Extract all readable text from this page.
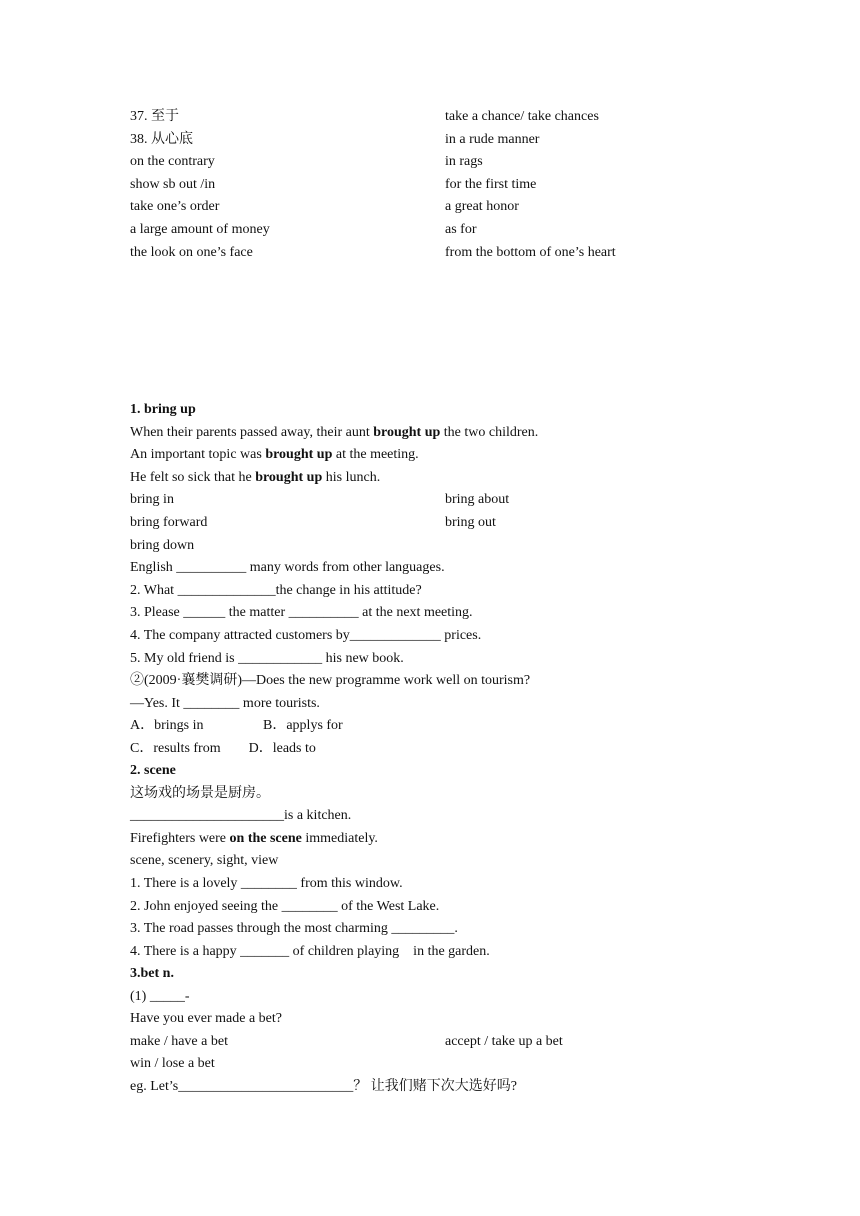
37. 至于	take a chance/ take chances
38. 从心底	in a rude manner
on the contrary	in rags
show sb out /in	for the first time
take one’s order	a great honor
a large amount of money	as for
the look on one’s face	from the bottom of one’s heart
1. bring up
When their parents passed away, their aunt brought up the two children.
An important topic was brought up at the meeting.
He felt so sick that he brought up his lunch.
bring in	bring about
bring forward	bring out
bring down
English __________ many words from other languages.
2. What ______________the change in his attitude?
3. Please ______ the matter __________ at the next meeting.
4. The company attracted customers by_____________ prices.
5. My old friend is ____________ his new book.
②(2009·襄樊调研)—Does the new programme work well on tourism?
—Yes. It ________ more tourists.
A．brings in                 B．applys for
C．results from        D．leads to
2. scene
这场戏的场景是厨房。
______________________is a kitchen.
Firefighters were on the scene immediately.
scene, scenery, sight, view
1. There is a lovely ________ from this window.
2. John enjoyed seeing the ________ of the West Lake.
3. The road passes through the most charming _________.
4. There is a happy _______ of children playing    in the garden.
3.bet n.
(1) _____-
Have you ever made a bet?
make / have a bet	accept / take up a bet
win / lose a bet
eg. Let’s_________________________？ 让我们赌下次大选好吗?
